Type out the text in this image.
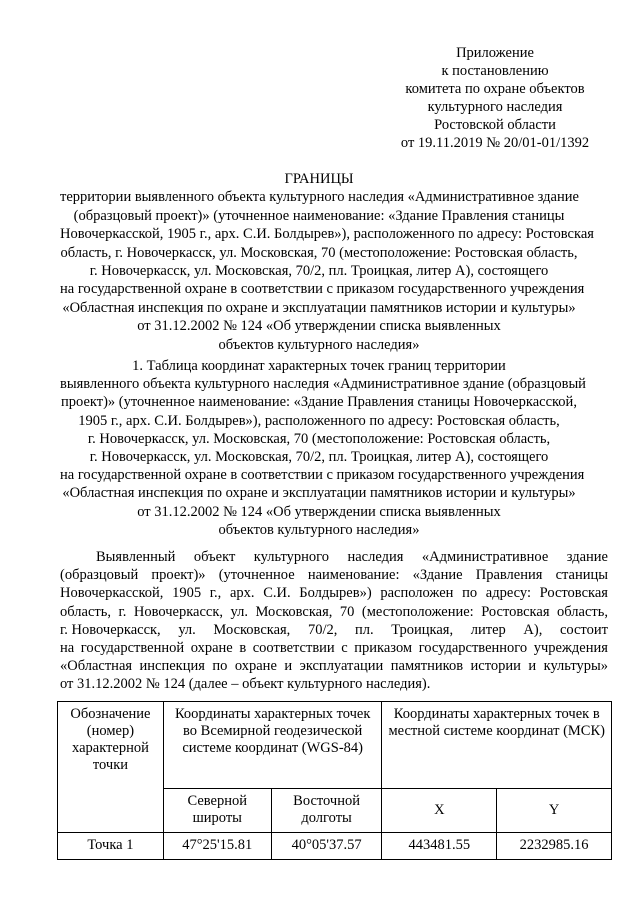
Приложение
к постановлению
комитета по охране объектов
культурного наследия
Ростовской области
от 19.11.2019 № 20/01-01/1392
ГРАНИЦЫ
территории выявленного объекта культурного наследия «Административное здание
(образцовый проект)» (уточненное наименование: «Здание Правления станицы
Новочеркасской, 1905 г., арх. С.И. Болдырев»), расположенного по адресу: Ростовская
область, г. Новочеркасск, ул. Московская, 70 (местоположение: Ростовская область,
г. Новочеркасск, ул. Московская, 70/2, пл. Троицкая, литер А), состоящего
на государственной охране в соответствии с приказом государственного учреждения
«Областная инспекция по охране и эксплуатации памятников истории и культуры»
от 31.12.2002 № 124 «Об утверждении списка выявленных
объектов культурного наследия»
1. Таблица координат характерных точек границ территории
выявленного объекта культурного наследия «Административное здание (образцовый
проект)» (уточненное наименование: «Здание Правления станицы Новочеркасской,
1905 г., арх. С.И. Болдырев»), расположенного по адресу: Ростовская область,
г. Новочеркасск, ул. Московская, 70 (местоположение: Ростовская область,
г. Новочеркасск, ул. Московская, 70/2, пл. Троицкая, литер А), состоящего
на государственной охране в соответствии с приказом государственного учреждения
«Областная инспекция по охране и эксплуатации памятников истории и культуры»
от 31.12.2002 № 124 «Об утверждении списка выявленных
объектов культурного наследия»
Выявленный объект культурного наследия «Административное здание
(образцовый проект)» (уточненное наименование: «Здание Правления станицы
Новочеркасской, 1905 г., арх. С.И. Болдырев») расположен по адресу: Ростовская
область, г. Новочеркасск, ул. Московская, 70 (местоположение: Ростовская область,
г. Новочеркасск, ул. Московская, 70/2, пл. Троицкая, литер А), состоит
на государственной охране в соответствии с приказом государственного учреждения
«Областная инспекция по охране и эксплуатации памятников истории и культуры»
от 31.12.2002 № 124 (далее – объект культурного наследия).
Обозначение (номер) характерной точки	Координаты характерных точек во Всемирной геодезической системе координат (WGS-84)		Координаты характерных точек в местной системе координат (МСК)	
	Северной широты	Восточной долготы	X	Y
Точка 1	47°25'15.81	40°05'37.57	443481.55	2232985.16
